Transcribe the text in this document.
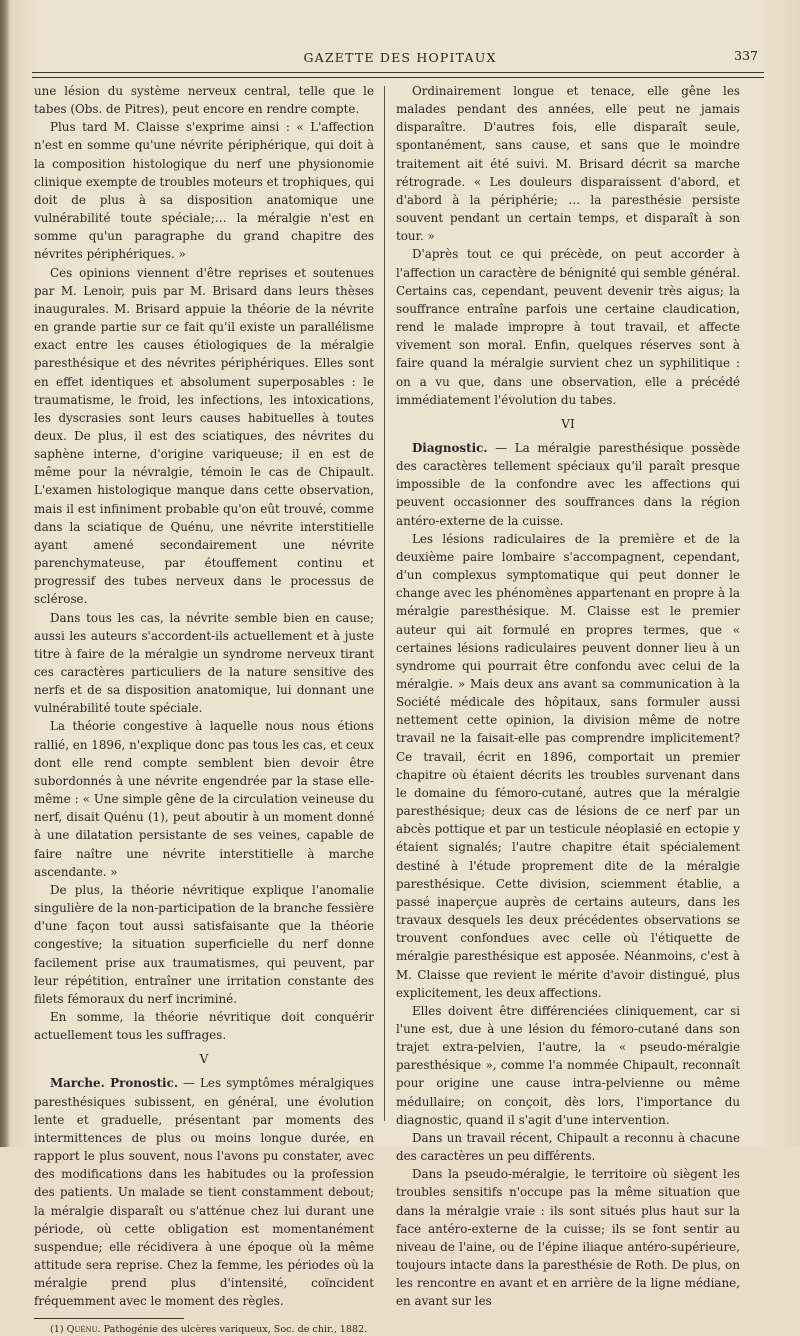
GAZETTE DES HOPITAUX	337

une lésion du système nerveux central, telle que le tabes (Obs. de Pitres), peut encore en rendre compte.

Plus tard M. Claisse s'exprime ainsi : « L'affection n'est en somme qu'une névrite périphérique, qui doit à la composition histologique du nerf une physionomie clinique exempte de troubles moteurs et trophiques, qui doit de plus à sa disposition anatomique une vulnérabilité toute spéciale;… la méralgie n'est en somme qu'un paragraphe du grand chapitre des névrites périphériques. »

Ces opinions viennent d'être reprises et soutenues par M. Lenoir, puis par M. Brisard dans leurs thèses inaugurales. M. Brisard appuie la théorie de la névrite en grande partie sur ce fait qu'il existe un parallélisme exact entre les causes étiologiques de la méralgie paresthésique et des névrites périphériques. Elles sont en effet identiques et absolument superposables : le traumatisme, le froid, les infections, les intoxications, les dyscrasies sont leurs causes habituelles à toutes deux. De plus, il est des sciatiques, des névrites du saphène interne, d'origine variqueuse; il en est de même pour la névralgie, témoin le cas de Chipault. L'examen histologique manque dans cette observation, mais il est infiniment probable qu'on eût trouvé, comme dans la sciatique de Quénu, une névrite interstitielle ayant amené secondairement une névrite parenchymateuse, par étouffement continu et progressif des tubes nerveux dans le processus de sclérose.

Dans tous les cas, la névrite semble bien en cause; aussi les auteurs s'accordent-ils actuellement et à juste titre à faire de la méralgie un syndrome nerveux tirant ces caractères particuliers de la nature sensitive des nerfs et de sa disposition anatomique, lui donnant une vulnérabilité toute spéciale.

La théorie congestive à laquelle nous nous étions rallié, en 1896, n'explique donc pas tous les cas, et ceux dont elle rend compte semblent bien devoir être subordonnés à une névrite engendrée par la stase elle-même : « Une simple gêne de la circulation veineuse du nerf, disait Quénu (1), peut aboutir à un moment donné à une dilatation persistante de ses veines, capable de faire naître une névrite interstitielle à marche ascendante. »

De plus, la théorie névritique explique l'anomalie singulière de la non-participation de la branche fessière d'une façon tout aussi satisfaisante que la théorie congestive; la situation superficielle du nerf donne facilement prise aux traumatismes, qui peuvent, par leur répétition, entraîner une irritation constante des filets fémoraux du nerf incriminé.

En somme, la théorie névritique doit conquérir actuellement tous les suffrages.

V

Marche. Pronostic. — Les symptômes méralgiques paresthésiques subissent, en général, une évolution lente et graduelle, présentant par moments des intermittences de plus ou moins longue durée, en rapport le plus souvent, nous l'avons pu constater, avec des modifications dans les habitudes ou la profession des patients. Un malade se tient constamment debout; la méralgie disparaît ou s'atténue chez lui durant une période, où cette obligation est momentanément suspendue; elle récidivera à une époque où la même attitude sera reprise. Chez la femme, les périodes où la méralgie prend plus d'intensité, coïncident fréquemment avec le moment des règles.

(1) Quénu. Pathogénie des ulcères variqueux, Soc. de chir., 1882.

Ordinairement longue et tenace, elle gêne les malades pendant des années, elle peut ne jamais disparaître. D'autres fois, elle disparaît seule, spontanément, sans cause, et sans que le moindre traitement ait été suivi. M. Brisard décrit sa marche rétrograde. « Les douleurs disparaissent d'abord, et d'abord à la périphérie; … la paresthésie persiste souvent pendant un certain temps, et disparaît à son tour. »

D'après tout ce qui précède, on peut accorder à l'affection un caractère de bénignité qui semble général. Certains cas, cependant, peuvent devenir très aigus; la souffrance entraîne parfois une certaine claudication, rend le malade impropre à tout travail, et affecte vivement son moral. Enfin, quelques réserves sont à faire quand la méralgie survient chez un syphilitique : on a vu que, dans une observation, elle a précédé immédiatement l'évolution du tabes.

VI

Diagnostic. — La méralgie paresthésique possède des caractères tellement spéciaux qu'il paraît presque impossible de la confondre avec les affections qui peuvent occasionner des souffrances dans la région antéro-externe de la cuisse.

Les lésions radiculaires de la première et de la deuxième paire lombaire s'accompagnent, cependant, d'un complexus symptomatique qui peut donner le change avec les phénomènes appartenant en propre à la méralgie paresthésique. M. Claisse est le premier auteur qui ait formulé en propres termes, que « certaines lésions radiculaires peuvent donner lieu à un syndrome qui pourrait être confondu avec celui de la méralgie. » Mais deux ans avant sa communication à la Société médicale des hôpitaux, sans formuler aussi nettement cette opinion, la division même de notre travail ne la faisait-elle pas comprendre implicitement? Ce travail, écrit en 1896, comportait un premier chapitre où étaient décrits les troubles survenant dans le domaine du fémoro-cutané, autres que la méralgie paresthésique; deux cas de lésions de ce nerf par un abcès pottique et par un testicule néoplasié en ectopie y étaient signalés; l'autre chapitre était spécialement destiné à l'étude proprement dite de la méralgie paresthésique. Cette division, sciemment établie, a passé inaperçue auprès de certains auteurs, dans les travaux desquels les deux précédentes observations se trouvent confondues avec celle où l'étiquette de méralgie paresthésique est apposée. Néanmoins, c'est à M. Claisse que revient le mérite d'avoir distingué, plus explicitement, les deux affections.

Elles doivent être différenciées cliniquement, car si l'une est, due à une lésion du fémoro-cutané dans son trajet extra-pelvien, l'autre, la « pseudo-méralgie paresthésique », comme l'a nommée Chipault, reconnaît pour origine une cause intra-pelvienne ou même médullaire; on conçoit, dès lors, l'importance du diagnostic, quand il s'agit d'une intervention.

Dans un travail récent, Chipault a reconnu à chacune des caractères un peu différents.

Dans la pseudo-méralgie, le territoire où siègent les troubles sensitifs n'occupe pas la même situation que dans la méralgie vraie : ils sont situés plus haut sur la face antéro-externe de la cuisse; ils se font sentir au niveau de l'aine, ou de l'épine iliaque antéro-supérieure, toujours intacte dans la paresthésie de Roth. De plus, on les rencontre en avant et en arrière de la ligne médiane, en avant sur les
